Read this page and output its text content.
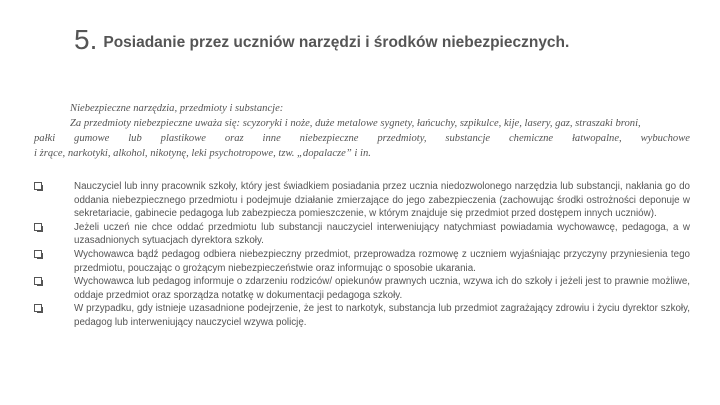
5. Posiadanie przez uczniów narzędzi i środków niebezpiecznych.
Niebezpieczne narzędzia, przedmioty i substancje:
Za przedmioty niebezpieczne uważa się: scyzoryki i noże, duże metalowe sygnety, łańcuchy, szpikulce, kije, lasery, gaz, straszaki broni,
pałki gumowe lub plastikowe oraz inne niebezpieczne przedmioty, substancje chemiczne łatwopalne, wybuchowe
i żrące, narkotyki, alkohol, nikotynę, leki psychotropowe, tzw. „dopalacze” i in.
Nauczyciel lub inny pracownik szkoły, który jest świadkiem posiadania przez ucznia niedozwolonego narzędzia lub substancji, nakłania go do oddania niebezpiecznego przedmiotu i podejmuje działanie zmierzające do jego zabezpieczenia (zachowując środki ostrożności deponuje w sekretariacie, gabinecie pedagoga lub zabezpiecza pomieszczenie, w którym znajduje się przedmiot przed dostępem innych uczniów).
Jeżeli uczeń nie chce oddać przedmiotu lub substancji nauczyciel interweniujący natychmiast powiadamia wychowawcę, pedagoga, a w uzasadnionych sytuacjach dyrektora szkoły.
Wychowawca bądź pedagog odbiera niebezpieczny przedmiot, przeprowadza rozmowę z uczniem wyjaśniając przyczyny przyniesienia tego przedmiotu, pouczając o grożącym niebezpieczeństwie oraz informując o sposobie ukarania.
Wychowawca lub pedagog informuje o zdarzeniu rodziców/ opiekunów prawnych ucznia, wzywa ich do szkoły i jeżeli jest to prawnie możliwe, oddaje przedmiot oraz sporządza notatkę w dokumentacji pedagoga szkoły.
W przypadku, gdy istnieje uzasadnione podejrzenie, że jest to narkotyk, substancja lub przedmiot zagrażający zdrowiu i życiu dyrektor szkoły, pedagog lub interweniujący nauczyciel wzywa policję.
